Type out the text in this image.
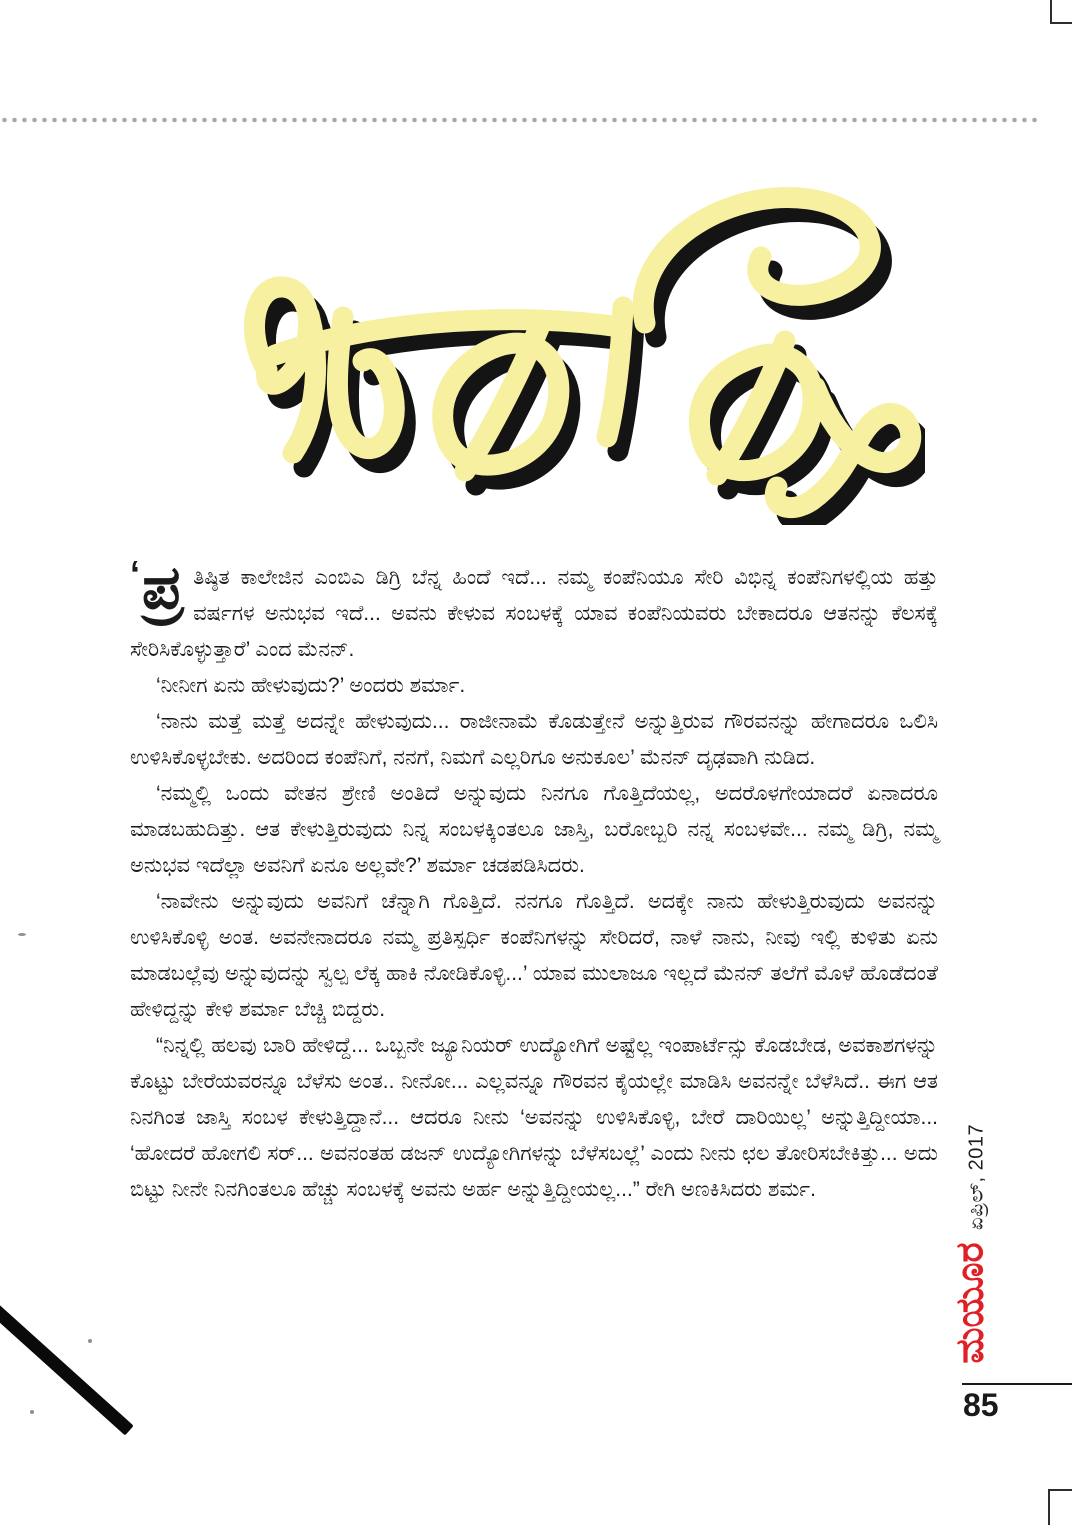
‘ ಪ್ರ ತಿಷ್ಠಿತ ಕಾಲೇಜಿನ ಎಂಬಿಎ ಡಿಗ್ರಿ ಬೆನ್ನ ಹಿಂದೆ ಇದೆ... ನಮ್ಮ ಕಂಪೆನಿಯೂ ಸೇರಿ ವಿಭಿನ್ನ ಕಂಪೆನಿಗಳಲ್ಲಿಯ ಹತ್ತು ವರ್ಷಗಳ ಅನುಭವ ಇದೆ... ಅವನು ಕೇಳುವ ಸಂಬಳಕ್ಕೆ ಯಾವ ಕಂಪೆನಿಯವರು ಬೇಕಾದರೂ ಆತನನ್ನು ಕೆಲಸಕ್ಕೆ ಸೇರಿಸಿಕೊಳ್ಳುತ್ತಾರೆ’ ಎಂದ ಮೆನನ್.

‘ನೀನೀಗ ಏನು ಹೇಳುವುದು?’ ಅಂದರು ಶರ್ಮಾ.

‘ನಾನು ಮತ್ತೆ ಮತ್ತೆ ಅದನ್ನೇ ಹೇಳುವುದು... ರಾಜೀನಾಮೆ ಕೊಡುತ್ತೇನೆ ಅನ್ನುತ್ತಿರುವ ಗೌರವನನ್ನು ಹೇಗಾದರೂ ಒಲಿಸಿ ಉಳಿಸಿಕೊಳ್ಳಬೇಕು. ಅದರಿಂದ ಕಂಪೆನಿಗೆ, ನನಗೆ, ನಿಮಗೆ ಎಲ್ಲರಿಗೂ ಅನುಕೂಲ’ ಮೆನನ್ ದೃಢವಾಗಿ ನುಡಿದ.

‘ನಮ್ಮಲ್ಲಿ ಒಂದು ವೇತನ ಶ್ರೇಣಿ ಅಂತಿದೆ ಅನ್ನುವುದು ನಿನಗೂ ಗೊತ್ತಿದೆಯಲ್ಲ, ಅದರೊಳಗೇಯಾದರೆ ಏನಾದರೂ ಮಾಡಬಹುದಿತ್ತು. ಆತ ಕೇಳುತ್ತಿರುವುದು ನಿನ್ನ ಸಂಬಳಕ್ಕಿಂತಲೂ ಜಾಸ್ತಿ, ಬರೋಬ್ಬರಿ ನನ್ನ ಸಂಬಳವೇ... ನಮ್ಮ ಡಿಗ್ರಿ, ನಮ್ಮ ಅನುಭವ ಇದೆಲ್ಲಾ ಅವನಿಗೆ ಏನೂ ಅಲ್ಲವೇ?’ ಶರ್ಮಾ ಚಡಪಡಿಸಿದರು.

‘ನಾವೇನು ಅನ್ನುವುದು ಅವನಿಗೆ ಚೆನ್ನಾಗಿ ಗೊತ್ತಿದೆ. ನನಗೂ ಗೊತ್ತಿದೆ. ಅದಕ್ಕೇ ನಾನು ಹೇಳುತ್ತಿರುವುದು ಅವನನ್ನು ಉಳಿಸಿಕೊಳ್ಳಿ ಅಂತ. ಅವನೇನಾದರೂ ನಮ್ಮ ಪ್ರತಿಸ್ಪರ್ಧಿ ಕಂಪೆನಿಗಳನ್ನು ಸೇರಿದರೆ, ನಾಳೆ ನಾನು, ನೀವು ಇಲ್ಲಿ ಕುಳಿತು ಏನು ಮಾಡಬಲ್ಲೆವು ಅನ್ನುವುದನ್ನು ಸ್ವಲ್ಪ ಲೆಕ್ಕ ಹಾಕಿ ನೋಡಿಕೊಳ್ಳಿ...’ ಯಾವ ಮುಲಾಜೂ ಇಲ್ಲದೆ ಮೆನನ್ ತಲೆಗೆ ಮೊಳೆ ಹೊಡೆದಂತೆ ಹೇಳಿದ್ದನ್ನು ಕೇಳಿ ಶರ್ಮಾ ಬೆಚ್ಚಿ ಬಿದ್ದರು.

“ನಿನ್ನಲ್ಲಿ ಹಲವು ಬಾರಿ ಹೇಳಿದ್ದೆ... ಒಬ್ಬನೇ ಜ್ಯೂನಿಯರ್ ಉದ್ಯೋಗಿಗೆ ಅಷ್ಟೆಲ್ಲ ಇಂಪಾರ್ಟೆನ್ಸು ಕೊಡಬೇಡ, ಅವಕಾಶಗಳನ್ನು ಕೊಟ್ಟು ಬೇರೆಯವರನ್ನೂ ಬೆಳೆಸು ಅಂತ.. ನೀನೋ... ಎಲ್ಲವನ್ನೂ ಗೌರವನ ಕೈಯಲ್ಲೇ ಮಾಡಿಸಿ ಅವನನ್ನೇ ಬೆಳೆಸಿದೆ.. ಈಗ ಆತ ನಿನಗಿಂತ ಜಾಸ್ತಿ ಸಂಬಳ ಕೇಳುತ್ತಿದ್ದಾನೆ... ಆದರೂ ನೀನು ‘ಅವನನ್ನು ಉಳಿಸಿಕೊಳ್ಳಿ, ಬೇರೆ ದಾರಿಯಿಲ್ಲ’ ಅನ್ನುತ್ತಿದ್ದೀಯಾ... ‘ಹೋದರೆ ಹೋಗಲಿ ಸರ್... ಅವನಂತಹ ಡಜನ್ ಉದ್ಯೋಗಿಗಳನ್ನು ಬೆಳೆಸಬಲ್ಲೆ’ ಎಂದು ನೀನು ಛಲ ತೋರಿಸಬೇಕಿತ್ತು... ಅದು ಬಿಟ್ಟು ನೀನೇ ನಿನಗಿಂತಲೂ ಹೆಚ್ಚು ಸಂಬಳಕ್ಕೆ ಅವನು ಅರ್ಹ ಅನ್ನುತ್ತಿದ್ದೀಯಲ್ಲ...” ರೇಗಿ ಅಣಕಿಸಿದರು ಶರ್ಮ.	ಏಪ್ರಿಲ್, 2017
ಮಯೂರ
85
